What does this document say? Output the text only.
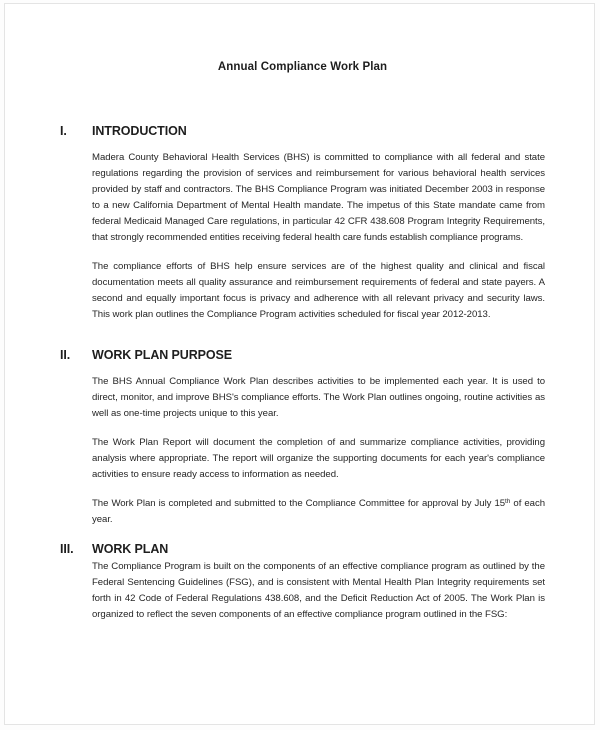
Annual Compliance Work Plan
I.	INTRODUCTION

Madera County Behavioral Health Services (BHS) is committed to compliance with all federal and state regulations regarding the provision of services and reimbursement for various behavioral health services provided by staff and contractors. The BHS Compliance Program was initiated December 2003 in response to a new California Department of Mental Health mandate. The impetus of this State mandate came from federal Medicaid Managed Care regulations, in particular 42 CFR 438.608 Program Integrity Requirements, that strongly recommended entities receiving federal health care funds establish compliance programs.

The compliance efforts of BHS help ensure services are of the highest quality and clinical and fiscal documentation meets all quality assurance and reimbursement requirements of federal and state payers. A second and equally important focus is privacy and adherence with all relevant privacy and security laws. This work plan outlines the Compliance Program activities scheduled for fiscal year 2012-2013.

II.	WORK PLAN PURPOSE

The BHS Annual Compliance Work Plan describes activities to be implemented each year. It is used to direct, monitor, and improve BHS's compliance efforts. The Work Plan outlines ongoing, routine activities as well as one-time projects unique to this year.

The Work Plan Report will document the completion of and summarize compliance activities, providing analysis where appropriate. The report will organize the supporting documents for each year's compliance activities to ensure ready access to information as needed.

The Work Plan is completed and submitted to the Compliance Committee for approval by July 15th of each year.

III.	WORK PLAN

The Compliance Program is built on the components of an effective compliance program as outlined by the Federal Sentencing Guidelines (FSG), and is consistent with Mental Health Plan Integrity requirements set forth in 42 Code of Federal Regulations 438.608, and the Deficit Reduction Act of 2005. The Work Plan is organized to reflect the seven components of an effective compliance program outlined in the FSG:
